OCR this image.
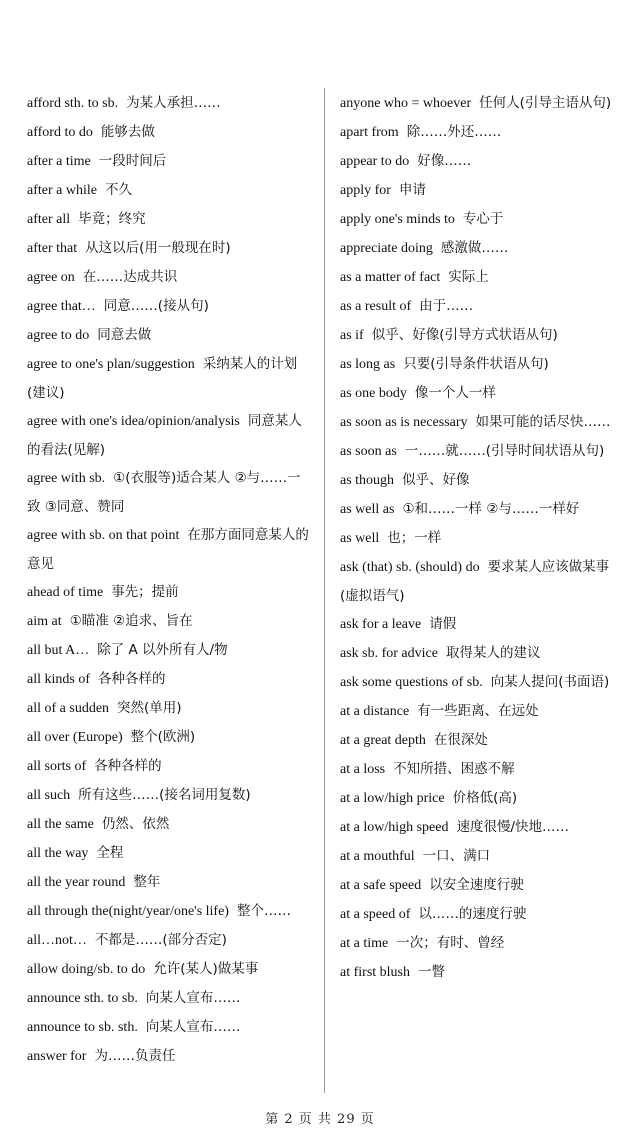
afford sth. to sb. 为某人承担……

afford to do 能够去做

after a time 一段时间后

after a while 不久

after all 毕竟；终究

after that 从这以后(用一般现在时)

agree on 在……达成共识

agree that… 同意……(接从句)

agree to do 同意去做

agree to one's plan/suggestion 采纳某人的计划(建议)

agree with one's idea/opinion/analysis 同意某人的看法(见解)

agree with sb. ①(衣服等)适合某人 ②与……一致 ③同意、赞同

agree with sb. on that point 在那方面同意某人的意见

ahead of time 事先；提前

aim at ①瞄准 ②追求、旨在

all but A… 除了 A 以外所有人/物

all kinds of 各种各样的

all of a sudden 突然(单用)

all over (Europe) 整个(欧洲)

all sorts of 各种各样的

all such 所有这些……(接名词用复数)

all the same 仍然、依然

all the way 全程

all the year round 整年

all through the(night/year/one's life) 整个……

all…not… 不都是……(部分否定)

allow doing/sb. to do 允许(某人)做某事

announce sth. to sb. 向某人宣布……

announce to sb. sth. 向某人宣布……

answer for 为……负责任

anyone who = whoever 任何人(引导主语从句)

apart from 除……外还……

appear to do 好像……

apply for 申请

apply one's minds to 专心于

appreciate doing 感激做……

as a matter of fact 实际上

as a result of 由于……

as if 似乎、好像(引导方式状语从句)

as long as 只要(引导条件状语从句)

as one body 像一个人一样

as soon as is necessary 如果可能的话尽快……

as soon as 一……就……(引导时间状语从句)

as though 似乎、好像

as well as ①和……一样 ②与……一样好

as well 也；一样

ask (that) sb. (should) do 要求某人应该做某事(虚拟语气)

ask for a leave 请假

ask sb. for advice 取得某人的建议

ask some questions of sb. 向某人提问(书面语)

at a distance 有一些距离、在远处

at a great depth 在很深处

at a loss 不知所措、困惑不解

at a low/high price 价格低(高)

at a low/high speed 速度很慢/快地……

at a mouthful 一口、满口

at a safe speed 以安全速度行驶

at a speed of 以……的速度行驶

at a time 一次；有时、曾经

at first blush 一瞥

第 2 页 共 29 页
